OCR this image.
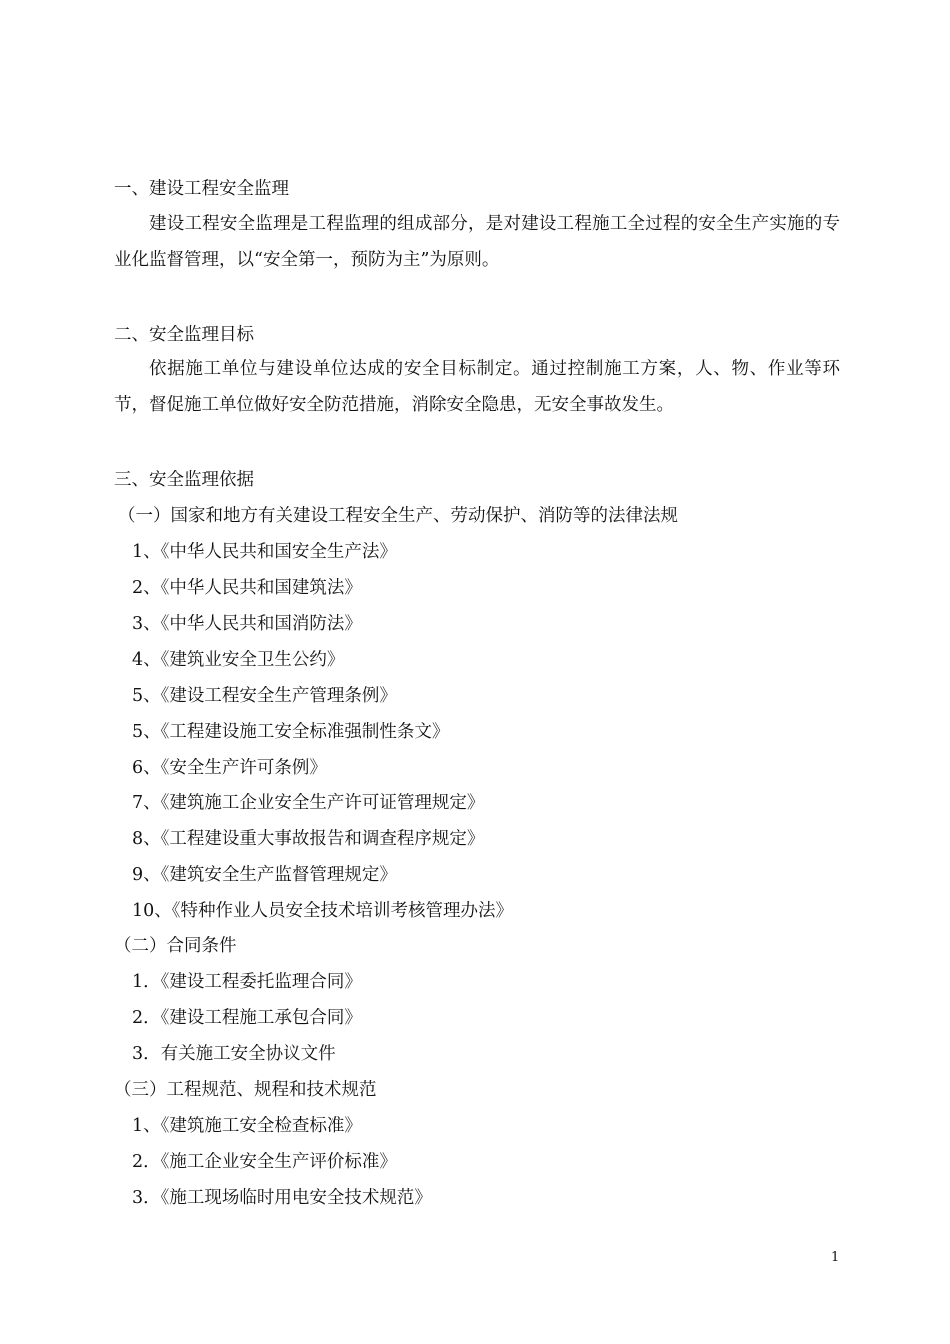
一、建设工程安全监理
建设工程安全监理是工程监理的组成部分，是对建设工程施工全过程的安全生产实施的专业化监督管理，以“安全第一，预防为主”为原则。
二、安全监理目标
依据施工单位与建设单位达成的安全目标制定。通过控制施工方案，人、物、作业等环节，督促施工单位做好安全防范措施，消除安全隐患，无安全事故发生。
三、安全监理依据
（一）国家和地方有关建设工程安全生产、劳动保护、消防等的法律法规
1、《中华人民共和国安全生产法》
2、《中华人民共和国建筑法》
3、《中华人民共和国消防法》
4、《建筑业安全卫生公约》
5、《建设工程安全生产管理条例》
5、《工程建设施工安全标准强制性条文》
6、《安全生产许可条例》
7、《建筑施工企业安全生产许可证管理规定》
8、《工程建设重大事故报告和调查程序规定》
9、《建筑安全生产监督管理规定》
10、《特种作业人员安全技术培训考核管理办法》
（二）合同条件
1．《建设工程委托监理合同》
2．《建设工程施工承包合同》
3．有关施工安全协议文件
（三）工程规范、规程和技术规范
1、《建筑施工安全检查标准》
2．《施工企业安全生产评价标准》
3．《施工现场临时用电安全技术规范》
1
